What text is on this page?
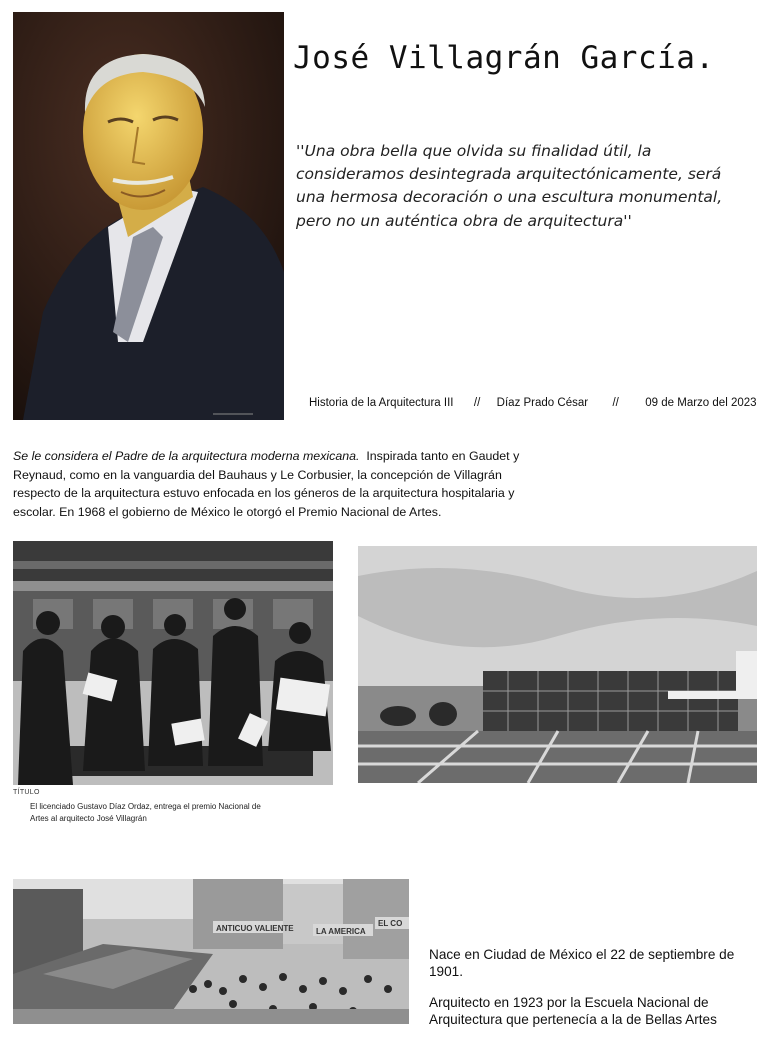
José Villagrán García.
''Una obra bella que olvida su finalidad útil, la consideramos desintegrada arquitectónicamente, será una hermosa decoración o una escultura monumental, pero no un auténtica obra de arquitectura''
Historia de la Arquitectura III // Díaz Prado César // 09 de Marzo del 2023
Se le considera el Padre de la arquitectura moderna mexicana. Inspirada tanto en Gaudet y Reynaud, como en la vanguardia del Bauhaus y Le Corbusier, la concepción de Villagrán respecto de la arquitectura estuvo enfocada en los géneros de la arquitectura hospitalaria y escolar. En 1968 el gobierno de México le otorgó el Premio Nacional de Artes.
TÍTULO
El licenciado Gustavo Díaz Ordaz, entrega el premio Nacional de Artes al arquitecto José Villagrán
ANTICUO VALIENTE	LA AMERICA
EL CO

Nace en Ciudad de México el 22 de septiembre de 1901.

Arquitecto en 1923 por la Escuela Nacional de Arquitectura que pertenecía a la de Bellas Artes
